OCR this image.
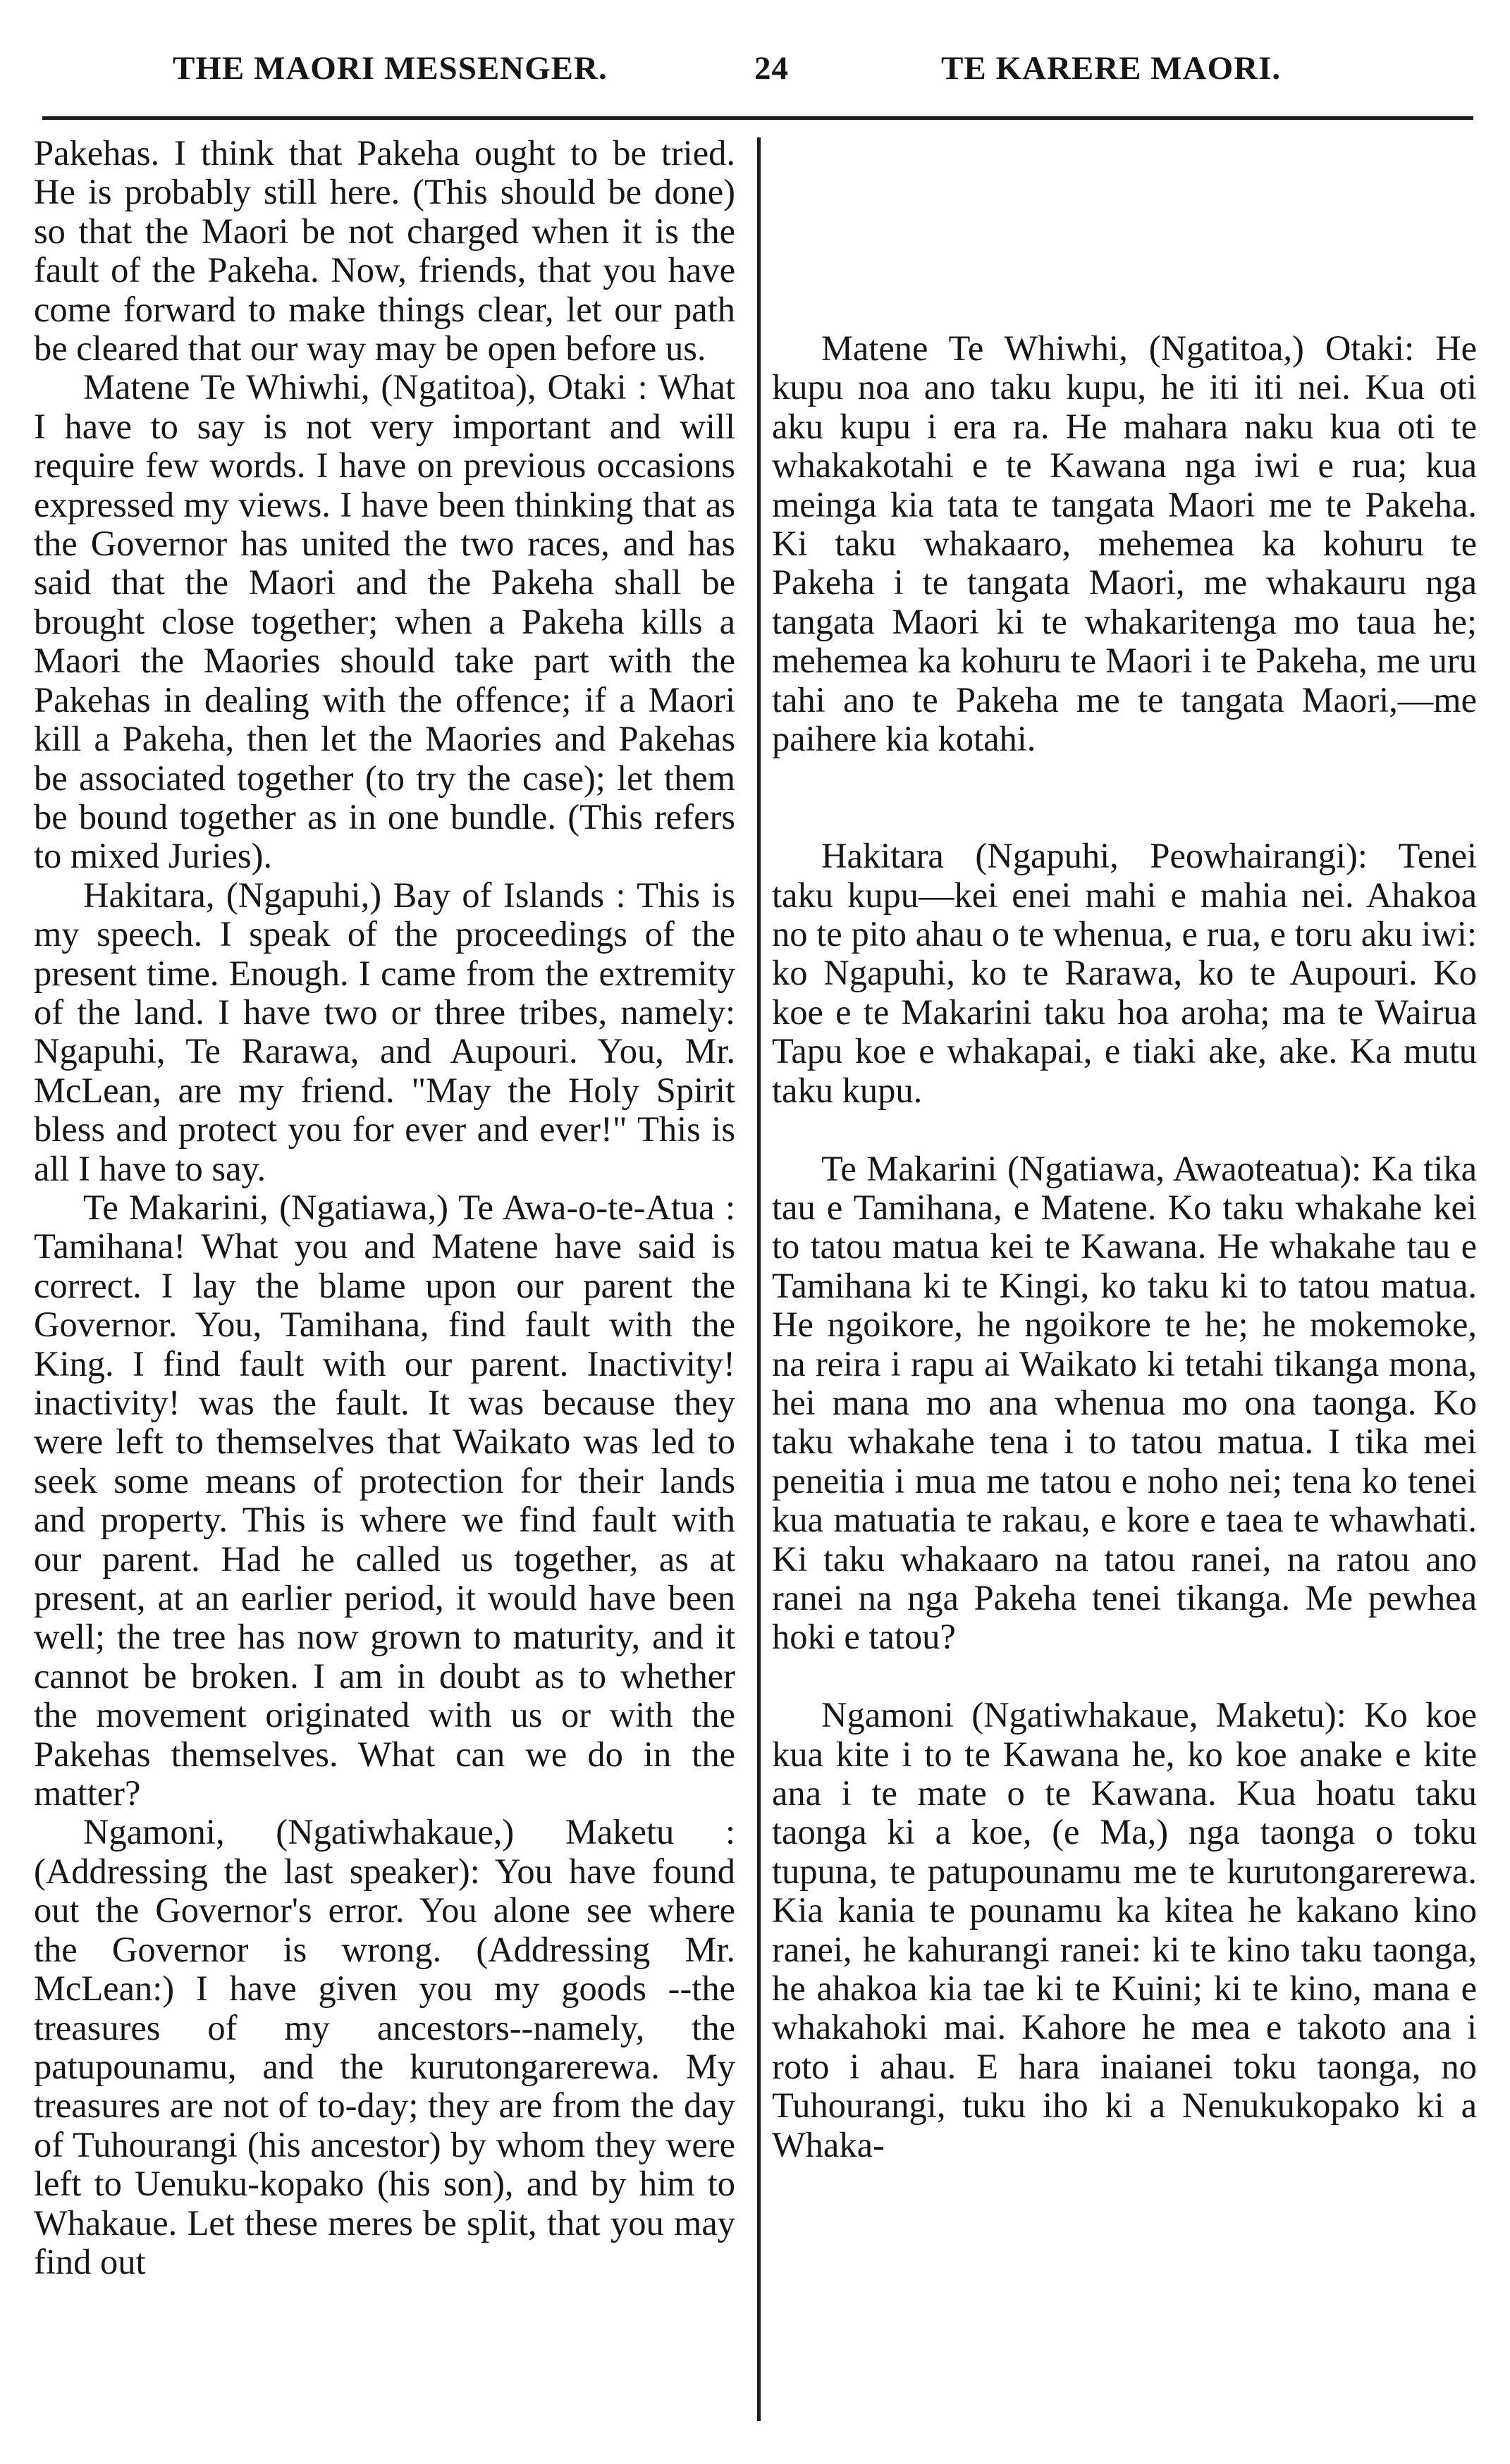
THE MAORI MESSENGER.	24	TE KARERE MAORI.

Pakehas. I think that Pakeha ought to be tried. He is probably still here. (This should be done) so that the Maori be not charged when it is the fault of the Pakeha. Now, friends, that you have come forward to make things clear, let our path be cleared that our way may be open before us.

Matene Te Whiwhi, (Ngatitoa), Otaki : What I have to say is not very important and will require few words. I have on previous occasions expressed my views. I have been thinking that as the Governor has united the two races, and has said that the Maori and the Pakeha shall be brought close together; when a Pakeha kills a Maori the Maories should take part with the Pakehas in dealing with the offence; if a Maori kill a Pakeha, then let the Maories and Pakehas be associated together (to try the case); let them be bound together as in one bundle. (This refers to mixed Juries).

Hakitara, (Ngapuhi,) Bay of Islands : This is my speech. I speak of the proceedings of the present time. Enough. I came from the extremity of the land. I have two or three tribes, namely: Ngapuhi, Te Rarawa, and Aupouri. You, Mr. McLean, are my friend. "May the Holy Spirit bless and protect you for ever and ever!" This is all I have to say.

Te Makarini, (Ngatiawa,) Te Awa-o-te-Atua : Tamihana! What you and Matene have said is correct. I lay the blame upon our parent the Governor. You, Tamihana, find fault with the King. I find fault with our parent. Inactivity! inactivity! was the fault. It was because they were left to themselves that Waikato was led to seek some means of protection for their lands and property. This is where we find fault with our parent. Had he called us together, as at present, at an earlier period, it would have been well; the tree has now grown to maturity, and it cannot be broken. I am in doubt as to whether the movement originated with us or with the Pakehas themselves. What can we do in the matter?

Ngamoni, (Ngatiwhakaue,) Maketu : (Addressing the last speaker): You have found out the Governor's error. You alone see where the Governor is wrong. (Addressing Mr. McLean:) I have given you my goods --the treasures of my ancestors--namely, the patupounamu, and the kurutongarerewa. My treasures are not of to-day; they are from the day of Tuhourangi (his ancestor) by whom they were left to Uenuku-kopako (his son), and by him to Whakaue. Let these meres be split, that you may find out

Matene Te Whiwhi, (Ngatitoa,) Otaki: He kupu noa ano taku kupu, he iti iti nei. Kua oti aku kupu i era ra. He mahara naku kua oti te whakakotahi e te Kawana nga iwi e rua; kua meinga kia tata te tangata Maori me te Pakeha. Ki taku whakaaro, mehemea ka kohuru te Pakeha i te tangata Maori, me whakauru nga tangata Maori ki te whakaritenga mo taua he; mehemea ka kohuru te Maori i te Pakeha, me uru tahi ano te Pakeha me te tangata Maori,—me paihere kia kotahi.

Hakitara (Ngapuhi, Peowhairangi): Tenei taku kupu—kei enei mahi e mahia nei. Ahakoa no te pito ahau o te whenua, e rua, e toru aku iwi: ko Ngapuhi, ko te Rarawa, ko te Aupouri. Ko koe e te Makarini taku hoa aroha; ma te Wairua Tapu koe e whakapai, e tiaki ake, ake. Ka mutu taku kupu.

Te Makarini (Ngatiawa, Awaoteatua): Ka tika tau e Tamihana, e Matene. Ko taku whakahe kei to tatou matua kei te Kawana. He whakahe tau e Tamihana ki te Kingi, ko taku ki to tatou matua. He ngoikore, he ngoikore te he; he mokemoke, na reira i rapu ai Waikato ki tetahi tikanga mona, hei mana mo ana whenua mo ona taonga. Ko taku whakahe tena i to tatou matua. I tika mei peneitia i mua me tatou e noho nei; tena ko tenei kua matuatia te rakau, e kore e taea te whawhati. Ki taku whakaaro na tatou ranei, na ratou ano ranei na nga Pakeha tenei tikanga. Me pewhea hoki e tatou?

Ngamoni (Ngatiwhakaue, Maketu): Ko koe kua kite i to te Kawana he, ko koe anake e kite ana i te mate o te Kawana. Kua hoatu taku taonga ki a koe, (e Ma,) nga taonga o toku tupuna, te patupounamu me te kurutongarerewa. Kia kania te pounamu ka kitea he kakano kino ranei, he kahurangi ranei: ki te kino taku taonga, he ahakoa kia tae ki te Kuini; ki te kino, mana e whakahoki mai. Kahore he mea e takoto ana i roto i ahau. E hara inaianei toku taonga, no Tuhourangi, tuku iho ki a Nenukukopako ki a Whaka-
